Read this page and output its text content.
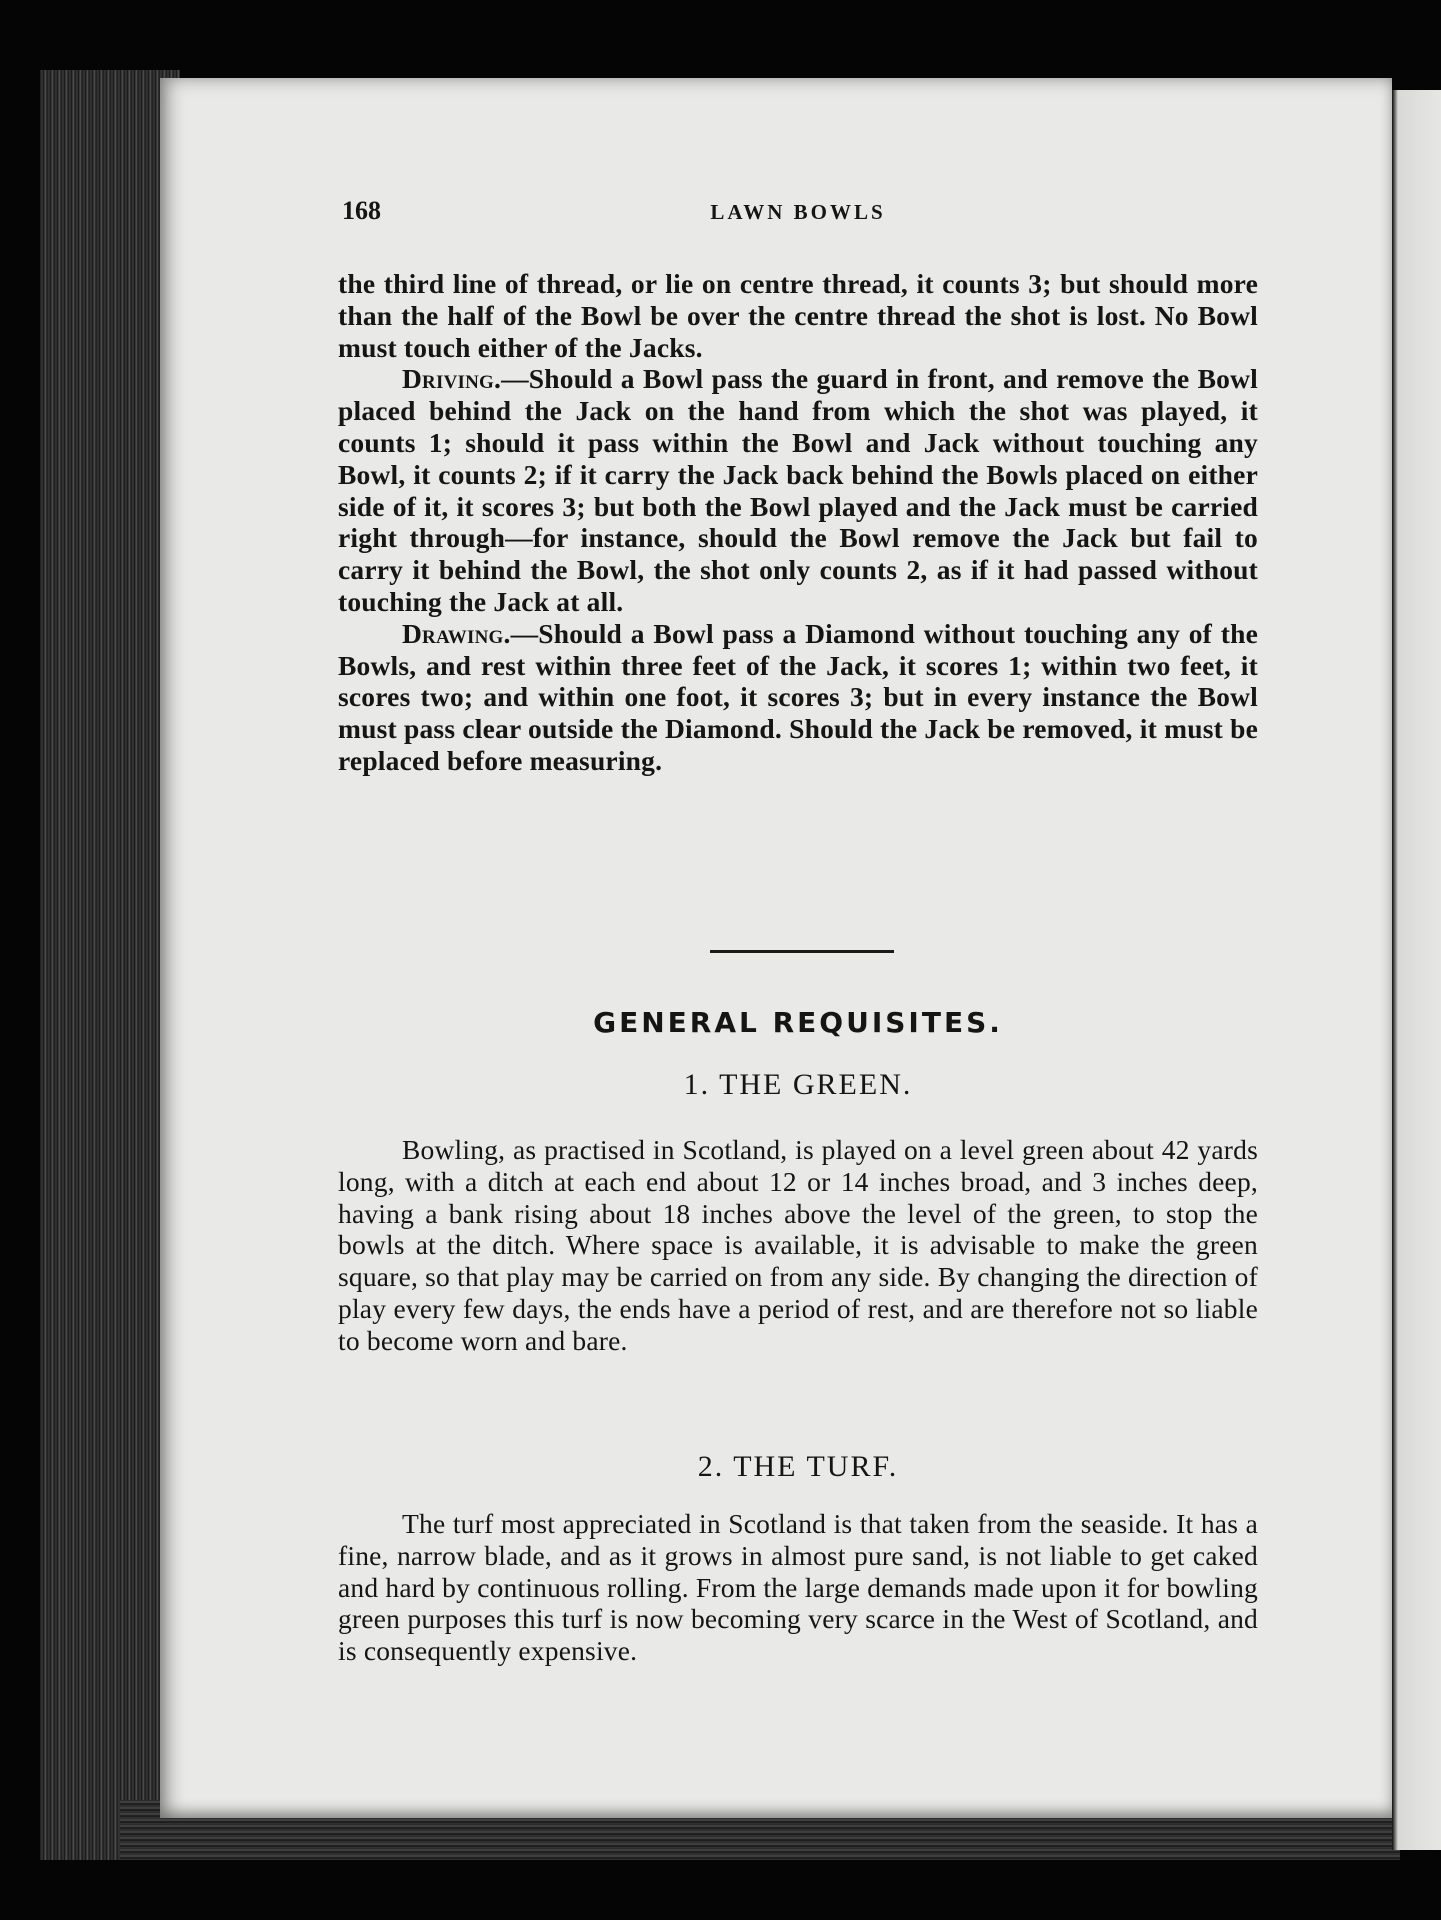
168	LAWN BOWLS

the third line of thread, or lie on centre thread, it counts 3; but should more than the half of the Bowl be over the centre thread the shot is lost. No Bowl must touch either of the Jacks.

Driving.—Should a Bowl pass the guard in front, and remove the Bowl placed behind the Jack on the hand from which the shot was played, it counts 1; should it pass within the Bowl and Jack without touching any Bowl, it counts 2; if it carry the Jack back behind the Bowls placed on either side of it, it scores 3; but both the Bowl played and the Jack must be carried right through—for instance, should the Bowl remove the Jack but fail to carry it behind the Bowl, the shot only counts 2, as if it had passed without touching the Jack at all.

Drawing.—Should a Bowl pass a Diamond without touching any of the Bowls, and rest within three feet of the Jack, it scores 1; within two feet, it scores two; and within one foot, it scores 3; but in every instance the Bowl must pass clear outside the Diamond. Should the Jack be removed, it must be replaced before measuring.

GENERAL REQUISITES.
1. THE GREEN.

Bowling, as practised in Scotland, is played on a level green about 42 yards long, with a ditch at each end about 12 or 14 inches broad, and 3 inches deep, having a bank rising about 18 inches above the level of the green, to stop the bowls at the ditch. Where space is available, it is advisable to make the green square, so that play may be carried on from any side. By changing the direction of play every few days, the ends have a period of rest, and are therefore not so liable to become worn and bare.

2. THE TURF.

The turf most appreciated in Scotland is that taken from the seaside. It has a fine, narrow blade, and as it grows in almost pure sand, is not liable to get caked and hard by continuous rolling. From the large demands made upon it for bowling green purposes this turf is now becoming very scarce in the West of Scotland, and is consequently expensive.
